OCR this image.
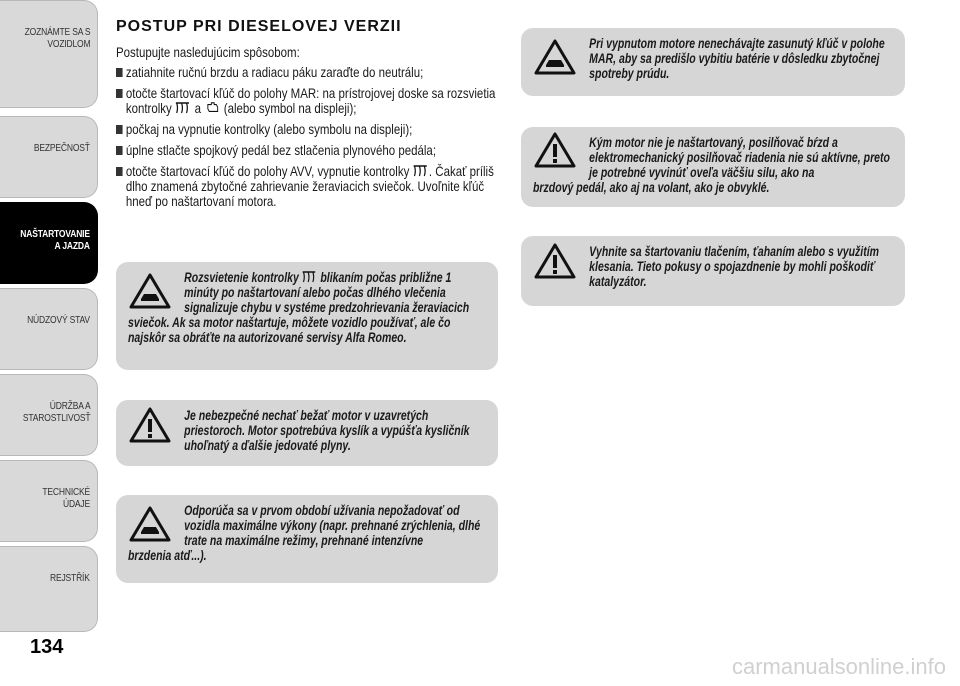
ZOZNÁMTE SA S
VOZIDLOM
BEZPEČNOSŤ
NAŠTARTOVANIE
A JAZDA
NÚDZOVÝ STAV
ÚDRŽBA A
STAROSTLIVOSŤ
TECHNICKÉ ÚDAJE
REJSTŘÍK
134
POSTUP PRI DIESELOVEJ VERZII
Postupujte nasledujúcim spôsobom:
zatiahnite ručnú brzdu a radiacu páku zaraďte do neutrálu;
otočte štartovací kľúč do polohy MAR: na prístrojovej doske sa rozsvietia kontrolky a (alebo symbol na displeji);
počkaj na vypnutie kontrolky (alebo symbolu na displeji);
úplne stlačte spojkový pedál bez stlačenia plynového pedála;
otočte štartovací kľúč do polohy AVV, vypnutie kontrolky . Čakať príliš dlho znamená zbytočné zahrievanie žeraviacich sviečok. Uvoľnite kľúč hneď po naštartovaní motora.
Rozsvietenie kontrolky blikaním počas približne 1 minúty po naštartovaní alebo počas dlhého vlečenia signalizuje chybu v systéme predzohrievania žeraviacich
sviečok. Ak sa motor naštartuje, môžete vozidlo používať, ale čo najskôr sa obráťte na autorizované servisy Alfa Romeo.
Je nebezpečné nechať bežať motor v uzavretých priestoroch. Motor spotrebúva kyslík a vypúšťa kysličník uhoľnatý a ďalšie jedovaté plyny.
Odporúča sa v prvom období užívania nepožadovať od vozidla maximálne výkony (napr. prehnané zrýchlenia, dlhé trate na maximálne režimy, prehnané intenzívne
brzdenia atď...).
Pri vypnutom motore nenechávajte zasunutý kľúč v polohe MAR, aby sa predišlo vybitiu batérie v dôsledku zbytočnej spotreby prúdu.
Kým motor nie je naštartovaný, posilňovač bŕzd a elektromechanický posilňovač riadenia nie sú aktívne, preto je potrebné vyvinúť oveľa väčšiu silu, ako na
brzdový pedál, ako aj na volant, ako je obvyklé.
Vyhnite sa štartovaniu tlačením, ťahaním alebo s využitím klesania. Tieto pokusy o spojazdnenie by mohli poškodiť katalyzátor.
carmanualsonline.info
